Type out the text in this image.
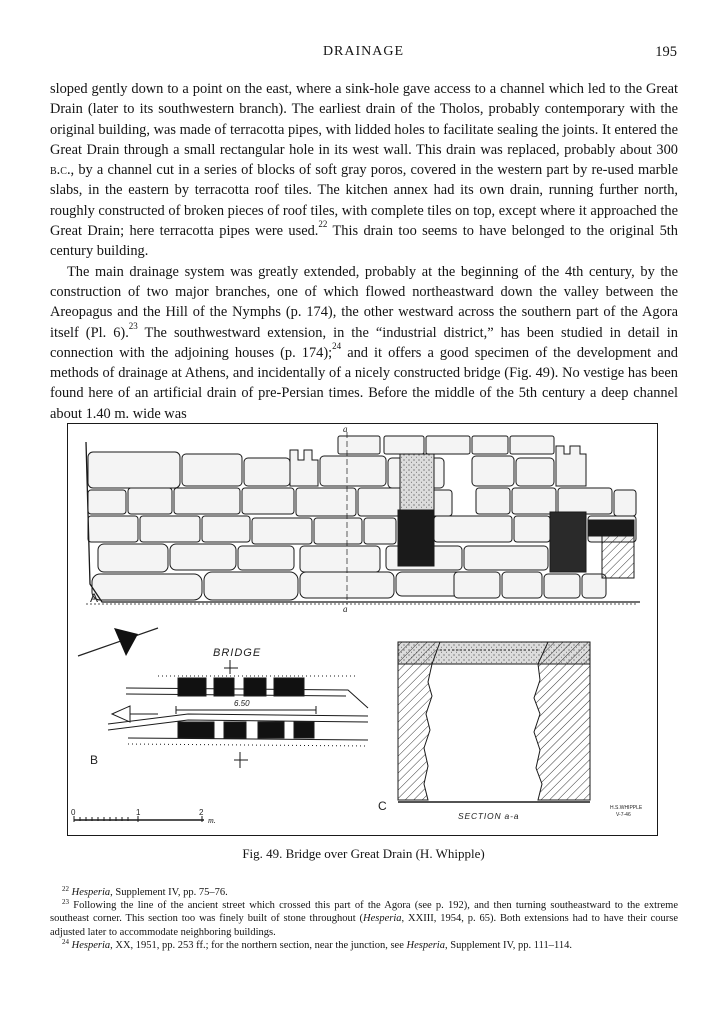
DRAINAGE	195

sloped gently down to a point on the east, where a sink-hole gave access to a channel which led to the Great Drain (later to its southwestern branch). The earliest drain of the Tholos, probably contemporary with the original building, was made of terracotta pipes, with lidded holes to facilitate sealing the joints. It entered the Great Drain through a small rectangular hole in its west wall. This drain was replaced, probably about 300 b.c., by a channel cut in a series of blocks of soft gray poros, covered in the western part by re-used marble slabs, in the eastern by terracotta roof tiles. The kitchen annex had its own drain, running further north, roughly constructed of broken pieces of roof tiles, with complete tiles on top, except where it approached the Great Drain; here terracotta pipes were used.$^{22}$ This drain too seems to have belonged to the original 5th century building.

The main drainage system was greatly extended, probably at the beginning of the 4th century, by the construction of two major branches, one of which flowed northeastward down the valley between the Areopagus and the Hill of the Nymphs (p. 174), the other westward across the southern part of the Agora itself (Pl. 6).$^{23}$ The southwestward extension, in the “industrial district,” has been studied in detail in connection with the adjoining houses (p. 174);$^{24}$ and it offers a good specimen of the development and methods of drainage at Athens, and incidentally of a nicely constructed bridge (Fig. 49). No vestige has been found here of an artificial drain of pre-Persian times. Before the middle of the 5th century a deep channel about 1.40 m. wide was

a
a
A
BRIDGE
6.50
B
C
SECTION a-a
0	1	2
m.
H.S.WHIPPLE
V-7-46
Fig. 49. Bridge over Great Drain (H. Whipple)

$^{22}$ Hesperia, Supplement IV, pp. 75–76.

$^{23}$ Following the line of the ancient street which crossed this part of the Agora (see p. 192), and then turning southeastward to the extreme southeast corner. This section too was finely built of stone throughout (Hesperia, XXIII, 1954, p. 65). Both extensions had to have their course adjusted later to accommodate neighboring buildings.

$^{24}$ Hesperia, XX, 1951, pp. 253 ff.; for the northern section, near the junction, see Hesperia, Supplement IV, pp. 111–114.
